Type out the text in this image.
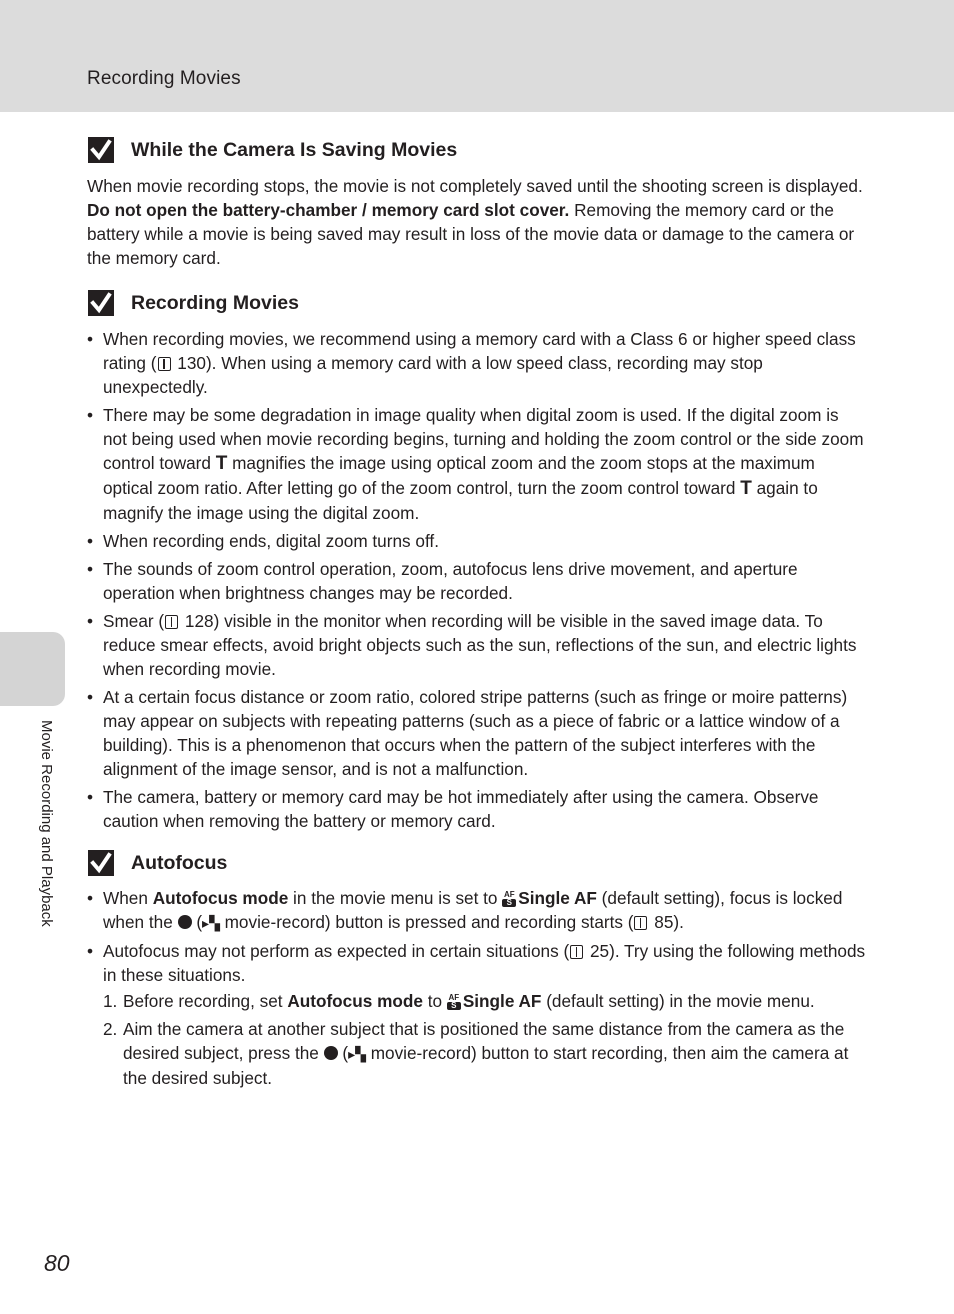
Recording Movies
Movie Recording and Playback
While the Camera Is Saving Movies

When movie recording stops, the movie is not completely saved until the shooting screen is displayed. Do not open the battery-chamber / memory card slot cover. Removing the memory card or the battery while a movie is being saved may result in loss of the movie data or damage to the camera or the memory card.

Recording Movies
• When recording movies, we recommend using a memory card with a Class 6 or higher speed class rating ( 130). When using a memory card with a low speed class, recording may stop unexpectedly.
• There may be some degradation in image quality when digital zoom is used. If the digital zoom is not being used when movie recording begins, turning and holding the zoom control or the side zoom control toward T magnifies the image using optical zoom and the zoom stops at the maximum optical zoom ratio. After letting go of the zoom control, turn the zoom control toward T again to magnify the image using the digital zoom.
• When recording ends, digital zoom turns off.
• The sounds of zoom control operation, zoom, autofocus lens drive movement, and aperture operation when brightness changes may be recorded.
• Smear ( 128) visible in the monitor when recording will be visible in the saved image data. To reduce smear effects, avoid bright objects such as the sun, reflections of the sun, and electric lights when recording movie.
• At a certain focus distance or zoom ratio, colored stripe patterns (such as fringe or moire patterns) may appear on subjects with repeating patterns (such as a piece of fabric or a lattice window of a building). This is a phenomenon that occurs when the pattern of the subject interferes with the alignment of the image sensor, and is not a malfunction.
• The camera, battery or memory card may be hot immediately after using the camera. Observe caution when removing the battery or memory card.
Autofocus
• When Autofocus mode in the movie menu is set to AF
S Single AF (default setting), focus is locked when the  (▸▚ movie-record) button is pressed and recording starts ( 85).
• Autofocus may not perform as expected in certain situations ( 25). Try using the following methods in these situations.
1. Before recording, set Autofocus mode to AF
S Single AF (default setting) in the movie menu.
2. Aim the camera at another subject that is positioned the same distance from the camera as the desired subject, press the  (▸▚ movie-record) button to start recording, then aim the camera at the desired subject.
80
